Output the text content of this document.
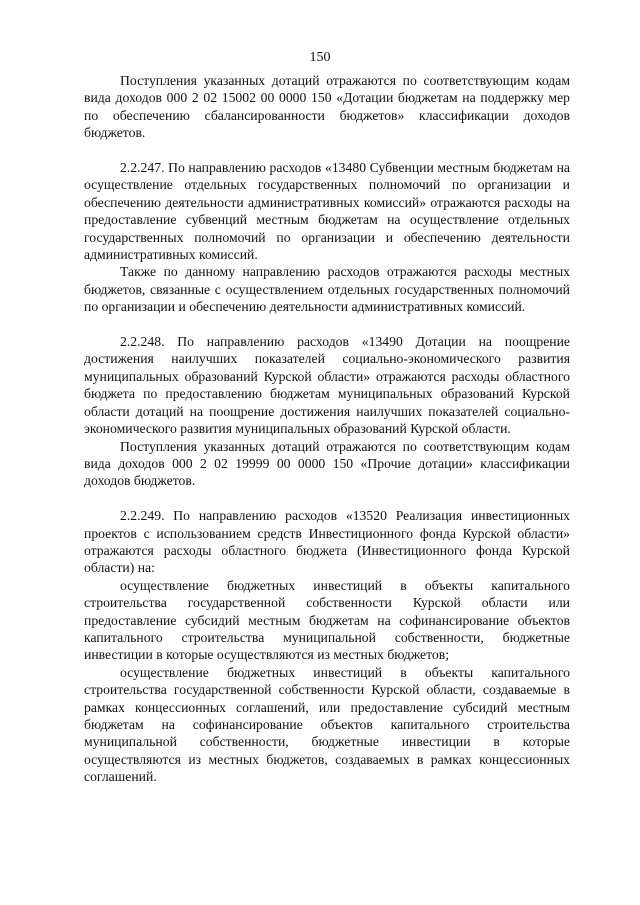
150

Поступления указанных дотаций отражаются по соответствующим кодам вида доходов 000 2 02 15002 00 0000 150 «Дотации бюджетам на поддержку мер по обеспечению сбалансированности бюджетов» классификации доходов бюджетов.

2.2.247. По направлению расходов «13480 Субвенции местным бюджетам на осуществление отдельных государственных полномочий по организации и обеспечению деятельности административных комиссий» отражаются расходы на предоставление субвенций местным бюджетам на осуществление отдельных государственных полномочий по организации и обеспечению деятельности административных комиссий.

Также по данному направлению расходов отражаются расходы местных бюджетов, связанные с осуществлением отдельных государственных полномочий по организации и обеспечению деятельности административных комиссий.

2.2.248. По направлению расходов «13490 Дотации на поощрение достижения наилучших показателей социально-экономического развития муниципальных образований Курской области» отражаются расходы областного бюджета по предоставлению бюджетам муниципальных образований Курской области дотаций на поощрение достижения наилучших показателей социально-экономического развития муниципальных образований Курской области.

Поступления указанных дотаций отражаются по соответствующим кодам вида доходов 000 2 02 19999 00 0000 150 «Прочие дотации» классификации доходов бюджетов.

2.2.249. По направлению расходов «13520 Реализация инвестиционных проектов с использованием средств Инвестиционного фонда Курской области» отражаются расходы областного бюджета (Инвестиционного фонда Курской области) на:

осуществление бюджетных инвестиций в объекты капитального строительства государственной собственности Курской области или предоставление субсидий местным бюджетам на софинансирование объектов капитального строительства муниципальной собственности, бюджетные инвестиции в которые осуществляются из местных бюджетов;

осуществление бюджетных инвестиций в объекты капитального строительства государственной собственности Курской области, создаваемые в рамках концессионных соглашений, или предоставление субсидий местным бюджетам на софинансирование объектов капитального строительства муниципальной собственности, бюджетные инвестиции в которые осуществляются из местных бюджетов, создаваемых в рамках концессионных соглашений.
